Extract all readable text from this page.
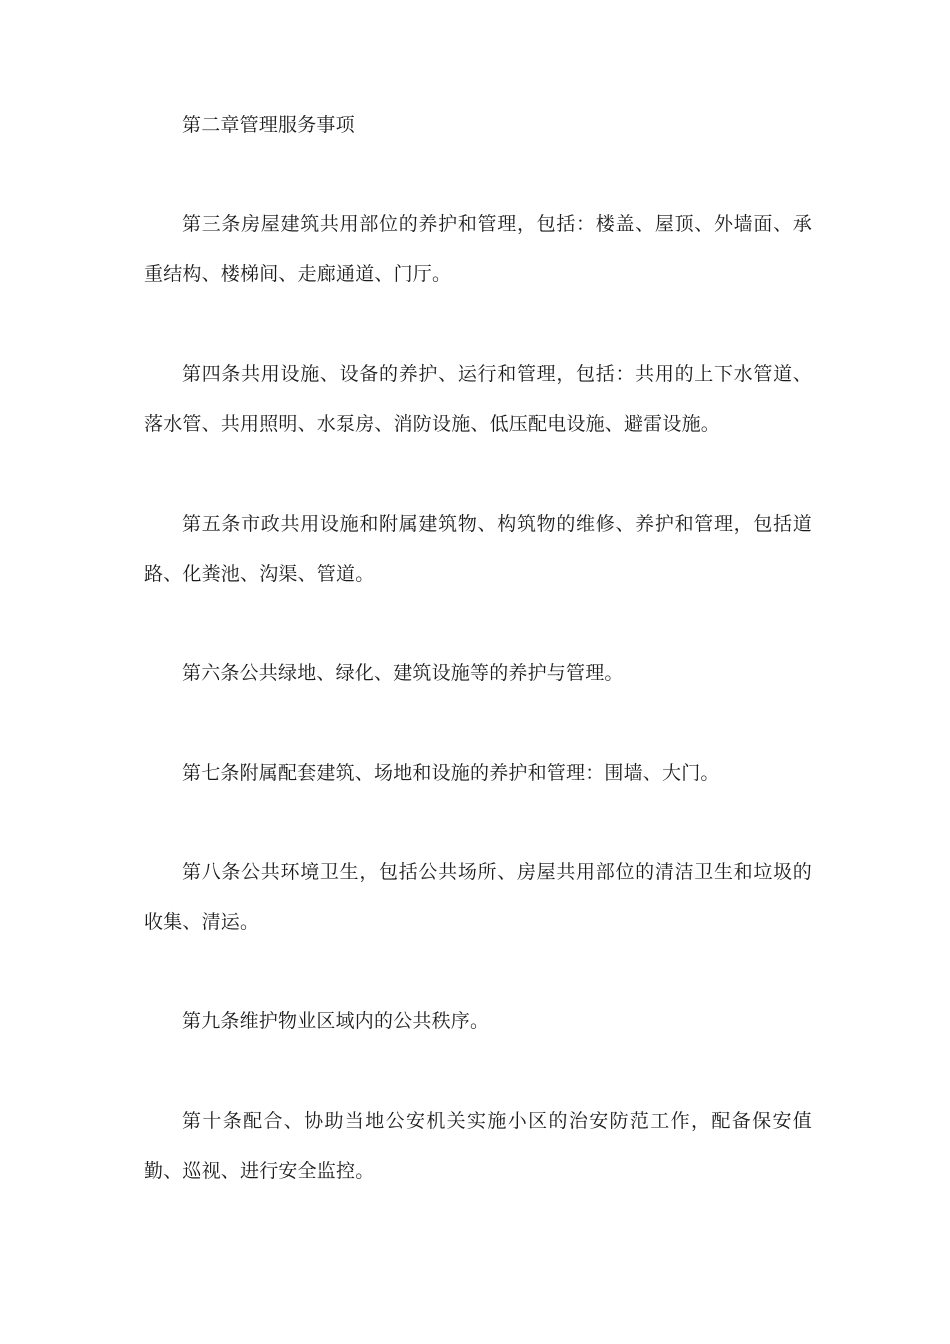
第二章管理服务事项

第三条房屋建筑共用部位的养护和管理，包括：楼盖、屋顶、外墙面、承重结构、楼梯间、走廊通道、门厅。

第四条共用设施、设备的养护、运行和管理，包括：共用的上下水管道、落水管、共用照明、水泵房、消防设施、低压配电设施、避雷设施。

第五条市政共用设施和附属建筑物、构筑物的维修、养护和管理，包括道路、化粪池、沟渠、管道。

第六条公共绿地、绿化、建筑设施等的养护与管理。

第七条附属配套建筑、场地和设施的养护和管理：围墙、大门。

第八条公共环境卫生，包括公共场所、房屋共用部位的清洁卫生和垃圾的收集、清运。

第九条维护物业区域内的公共秩序。

第十条配合、协助当地公安机关实施小区的治安防范工作，配备保安值勤、巡视、进行安全监控。
